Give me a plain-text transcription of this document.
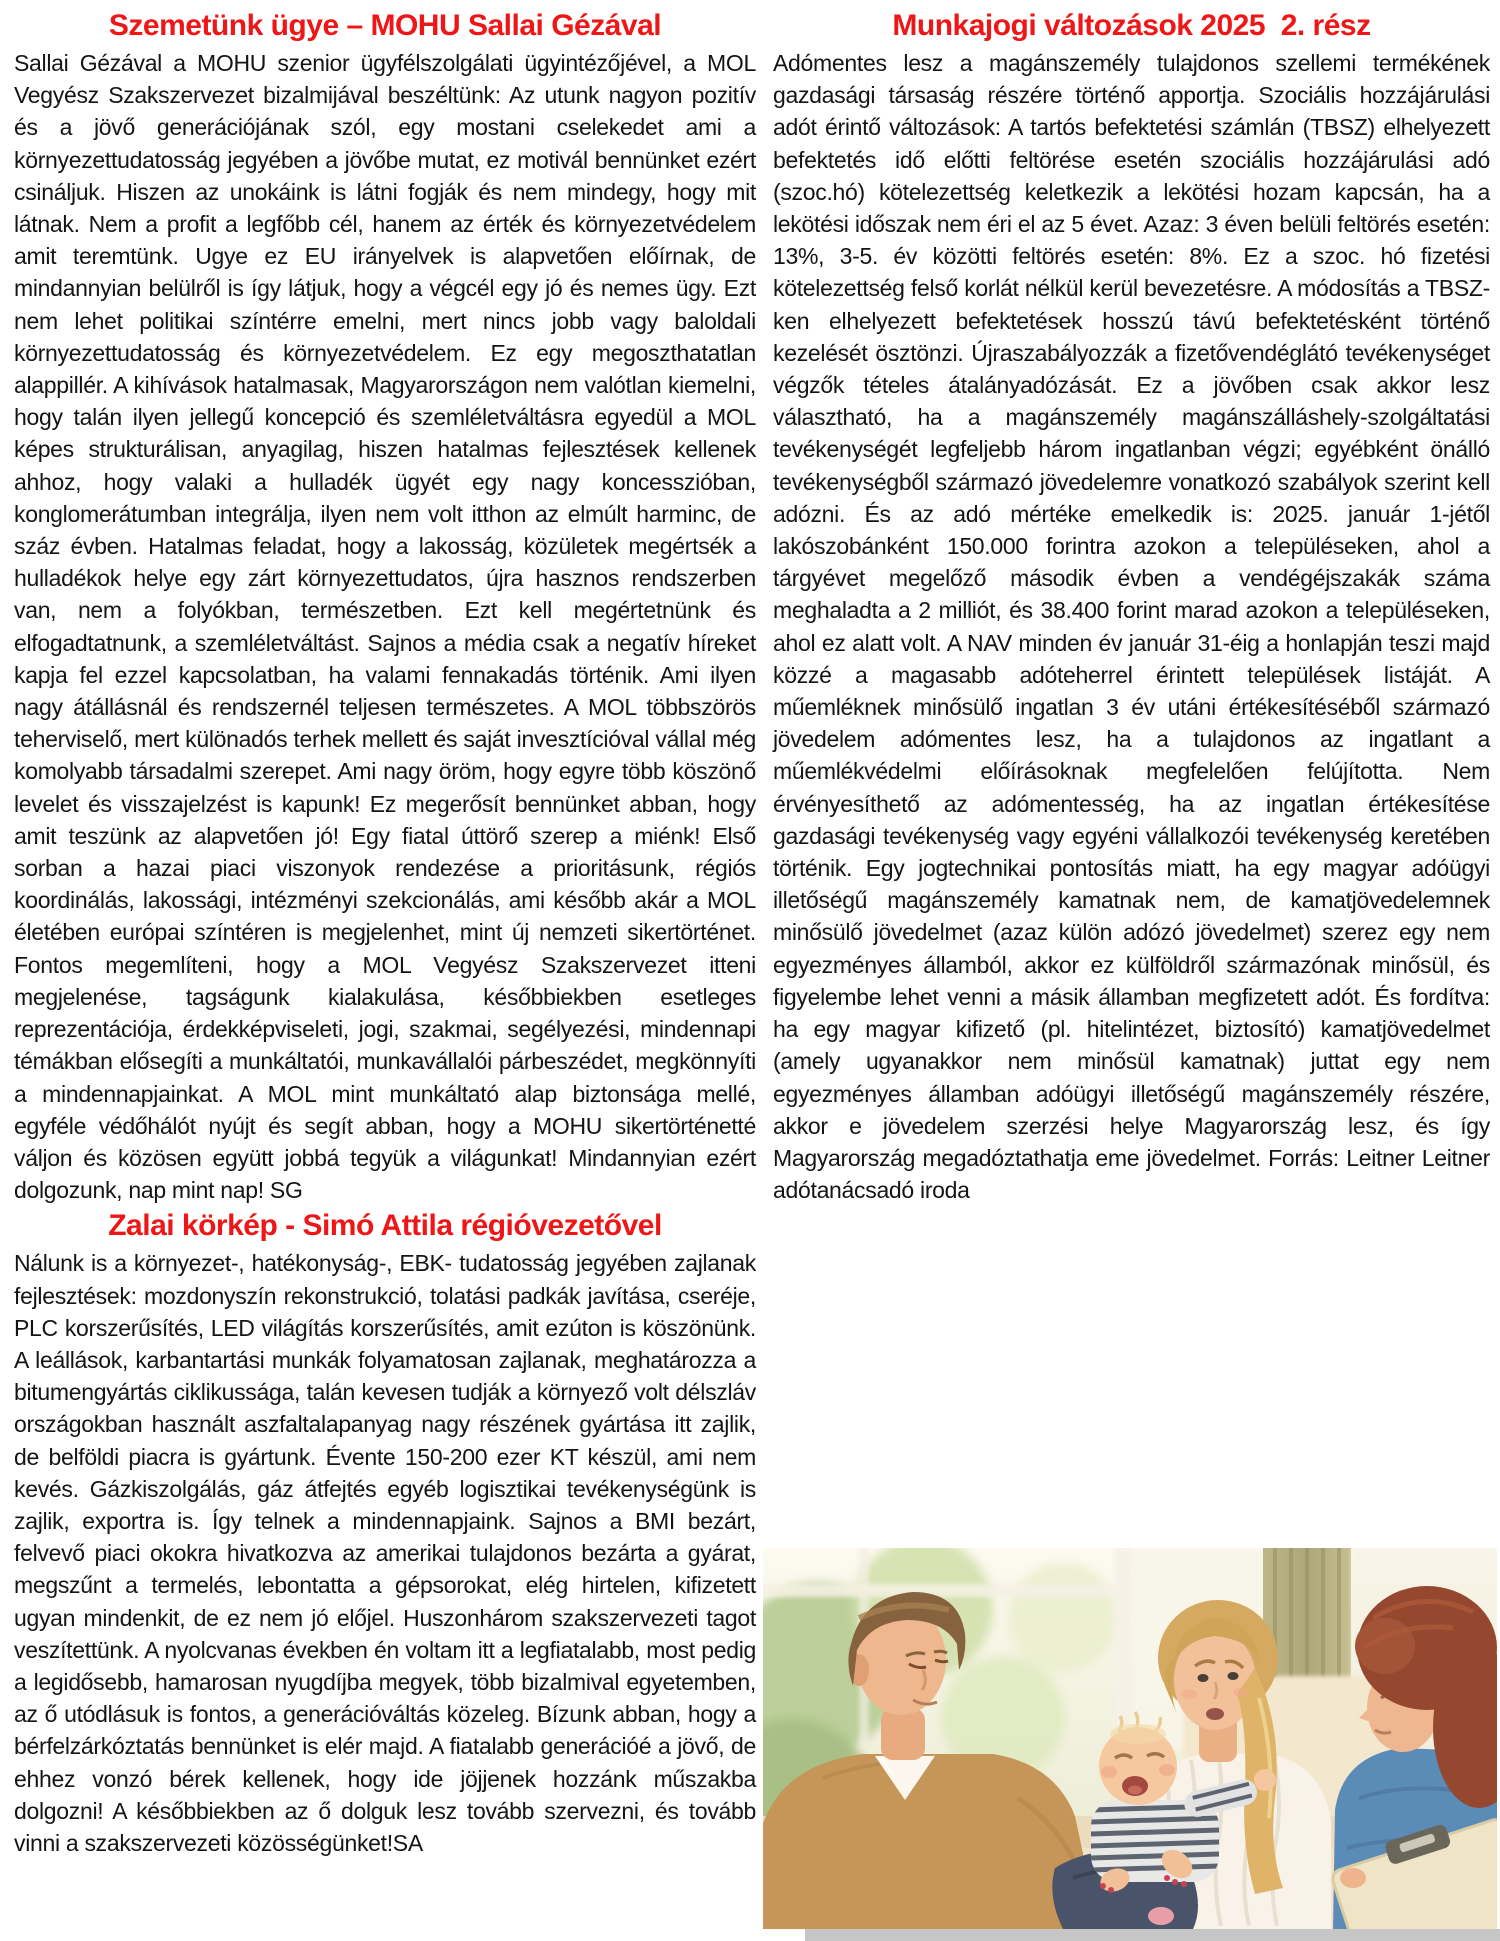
Szemetünk ügye – MOHU Sallai Gézával

Sallai Gézával a MOHU szenior ügyfélszolgálati ügyintézőjével, a MOL Vegyész Szakszervezet bizalmijával beszéltünk: Az utunk nagyon pozitív és a jövő generációjának szól, egy mostani cselekedet ami a környezettudatosság jegyében a jövőbe mutat, ez motivál bennünket ezért csináljuk. Hiszen az unokáink is látni fogják és nem mindegy, hogy mit látnak. Nem a profit a legfőbb cél, hanem az érték és környezetvédelem amit teremtünk. Ugye ez EU irányelvek is alapvetően előírnak, de mindannyian belülről is így látjuk, hogy a végcél egy jó és nemes ügy. Ezt nem lehet politikai színtérre emelni, mert nincs jobb vagy baloldali környezettudatosság és környezetvédelem. Ez egy megoszthatatlan alappillér. A kihívások hatalmasak, Magyarországon nem valótlan kiemelni, hogy talán ilyen jellegű koncepció és szemléletváltásra egyedül a MOL képes strukturálisan, anyagilag, hiszen hatalmas fejlesztések kellenek ahhoz, hogy valaki a hulladék ügyét egy nagy koncesszióban, konglomerátumban integrálja, ilyen nem volt itthon az elmúlt harminc, de száz évben. Hatalmas feladat, hogy a lakosság, közületek megértsék a hulladékok helye egy zárt környezettudatos, újra hasznos rendszerben van, nem a folyókban, természetben. Ezt kell megértetnünk és elfogadtatnunk, a szemléletváltást. Sajnos a média csak a negatív híreket kapja fel ezzel kapcsolatban, ha valami fennakadás történik. Ami ilyen nagy átállásnál és rendszernél teljesen természetes. A MOL többszörös teherviselő, mert különadós terhek mellett és saját invesztícióval vállal még komolyabb társadalmi szerepet. Ami nagy öröm, hogy egyre több köszönő levelet és visszajelzést is kapunk! Ez megerősít bennünket abban, hogy amit teszünk az alapvetően jó! Egy fiatal úttörő szerep a miénk! Első sorban a hazai piaci viszonyok rendezése a prioritásunk, régiós koordinálás, lakossági, intézményi szekcionálás, ami később akár a MOL életében európai színtéren is megjelenhet, mint új nemzeti sikertörténet. Fontos megemlíteni, hogy a MOL Vegyész Szakszervezet itteni megjelenése, tagságunk kialakulása, későbbiekben esetleges reprezentációja, érdekképviseleti, jogi, szakmai, segélyezési, mindennapi témákban elősegíti a munkáltatói, munkavállalói párbeszédet, megkönnyíti a mindennapjainkat. A MOL mint munkáltató alap biztonsága mellé, egyféle védőhálót nyújt és segít abban, hogy a MOHU sikertörténetté váljon és közösen együtt jobbá tegyük a világunkat! Mindannyian ezért dolgozunk, nap mint nap! SG

Zalai körkép - Simó Attila régióvezetővel

Nálunk is a környezet-, hatékonyság-, EBK- tudatosság jegyében zajlanak fejlesztések: mozdonyszín rekonstrukció, tolatási padkák javítása, cseréje, PLC korszerűsítés, LED világítás korszerűsítés, amit ezúton is köszönünk. A leállások, karbantartási munkák folyamatosan zajlanak, meghatározza a bitumengyártás ciklikussága, talán kevesen tudják a környező volt délszláv országokban használt aszfaltalapanyag nagy részének gyártása itt zajlik, de belföldi piacra is gyártunk. Évente 150-200 ezer KT készül, ami nem kevés. Gázkiszolgálás, gáz átfejtés egyéb logisztikai tevékenységünk is zajlik, exportra is. Így telnek a mindennapjaink. Sajnos a BMI bezárt, felvevő piaci okokra hivatkozva az amerikai tulajdonos bezárta a gyárat, megszűnt a termelés, lebontatta a gépsorokat, elég hirtelen, kifizetett ugyan mindenkit, de ez nem jó előjel. Huszonhárom szakszervezeti tagot veszítettünk. A nyolcvanas években én voltam itt a legfiatalabb, most pedig a legidősebb, hamarosan nyugdíjba megyek, több bizalmival egyetemben, az ő utódlásuk is fontos, a generációváltás közeleg. Bízunk abban, hogy a bérfelzárkóztatás bennünket is elér majd. A fiatalabb generációé a jövő, de ehhez vonzó bérek kellenek, hogy ide jöjjenek hozzánk műszakba dolgozni! A későbbiekben az ő dolguk lesz tovább szervezni, és tovább vinni a szakszervezeti közösségünket!SA

Munkajogi változások 2025  2. rész

Adómentes lesz a magánszemély tulajdonos szellemi termékének gazdasági társaság részére történő apportja. Szociális hozzájárulási adót érintő változások: A tartós befektetési számlán (TBSZ) elhelyezett befektetés idő előtti feltörése esetén szociális hozzájárulási adó (szoc.hó) kötelezettség keletkezik a lekötési hozam kapcsán, ha a lekötési időszak nem éri el az 5 évet. Azaz: 3 éven belüli feltörés esetén: 13%, 3-5. év közötti feltörés esetén: 8%. Ez a szoc. hó fizetési kötelezettség felső korlát nélkül kerül bevezetésre. A módosítás a TBSZ-ken elhelyezett befektetések hosszú távú befektetésként történő kezelését ösztönzi. Újraszabályozzák a fizetővendéglátó tevékenységet végzők tételes átalányadózását. Ez a jövőben csak akkor lesz választható, ha a magánszemély magánszálláshely-szolgáltatási tevékenységét legfeljebb három ingatlanban végzi; egyébként önálló tevékenységből származó jövedelemre vonatkozó szabályok szerint kell adózni. És az adó mértéke emelkedik is: 2025. január 1-jétől lakószobánként 150.000 forintra azokon a településeken, ahol a tárgyévet megelőző második évben a vendégéjszakák száma meghaladta a 2 milliót, és 38.400 forint marad azokon a településeken, ahol ez alatt volt. A NAV minden év január 31-éig a honlapján teszi majd közzé a magasabb adóteherrel érintett települések listáját. A műemléknek minősülő ingatlan 3 év utáni értékesítéséből származó jövedelem adómentes lesz, ha a tulajdonos az ingatlant a műemlékvédelmi előírásoknak megfelelően felújította. Nem érvényesíthető az adómentesség, ha az ingatlan értékesítése gazdasági tevékenység vagy egyéni vállalkozói tevékenység keretében történik. Egy jogtechnikai pontosítás miatt, ha egy magyar adóügyi illetőségű magánszemély kamatnak nem, de kamatjövedelemnek minősülő jövedelmet (azaz külön adózó jövedelmet) szerez egy nem egyezményes államból, akkor ez külföldről származónak minősül, és figyelembe lehet venni a másik államban megfizetett adót. És fordítva: ha egy magyar kifizető (pl. hitelintézet, biztosító) kamatjövedelmet (amely ugyanakkor nem minősül kamatnak) juttat egy nem egyezményes államban adóügyi illetőségű magánszemély részére, akkor e jövedelem szerzési helye Magyarország lesz, és így Magyarország megadóztathatja eme jövedelmet. Forrás: Leitner Leitner adótanácsadó iroda
